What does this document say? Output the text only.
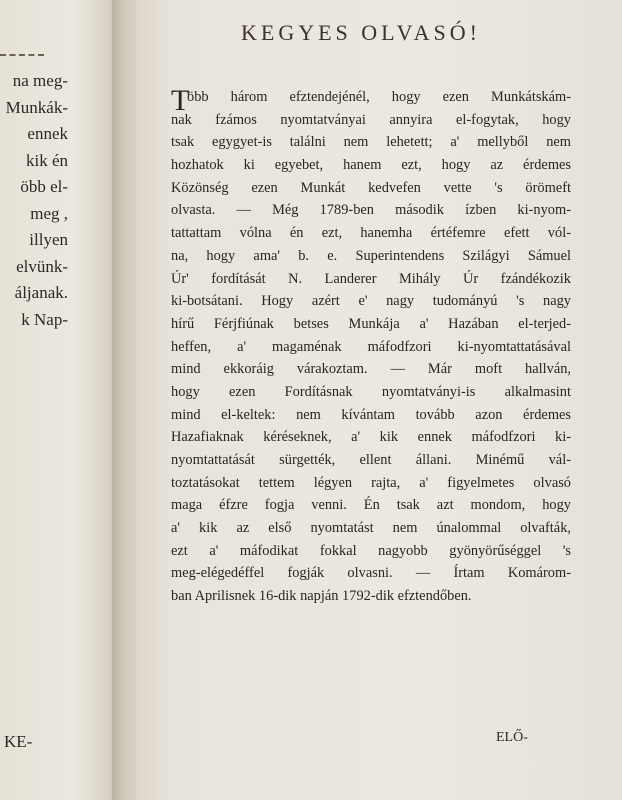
na meg-
Munkák-
ennek
kik én
öbb el-
meg ,
illyen
elvünk-
áljanak.
k Nap-
KE-
KEGYES OLVASÓ!
T
öbb három efztendejénél, hogy ezen Munkátskám-
nak fzámos nyomtatványai annyira el-fogytak, hogy
tsak egygyet-is találni nem lehetett; a' mellyből nem
hozhatok ki egyebet, hanem ezt, hogy az érdemes
Közönség ezen Munkát kedvefen vette 's örömeft
olvasta. — Még 1789-ben második ízben ki-nyom-
tattattam vólna én ezt, hanemha értéfemre efett vól-
na, hogy ama' b. e. Superintendens Szilágyi Sámuel
Úr' fordítását N. Landerer Mihály Úr fzándékozik
ki-botsátani. Hogy azért e' nagy tudományú 's nagy
hírű Férjfiúnak betses Munkája a' Hazában el-terjed-
heffen, a' magaménak máfodfzori ki-nyomtattatásával
mind ekkoráig várakoztam. — Már moft hallván,
hogy ezen Fordításnak nyomtatványi-is alkalmasint
mind el-keltek: nem kívántam tovább azon érdemes
Hazafiaknak kéréseknek, a' kik ennek máfodfzori ki-
nyomtattatását sürgették, ellent állani. Minémű vál-
toztatásokat tettem légyen rajta, a' figyelmetes olvasó
maga éfzre fogja venni. Én tsak azt mondom, hogy
a' kik az első nyomtatást nem únalommal olvafták,
ezt a' máfodikat fokkal nagyobb gyönyörűséggel 's
meg-elégedéffel fogják olvasni. — Írtam Komárom-
ban Aprilisnek 16-dik napján 1792-dik efztendőben.
ELŐ-
